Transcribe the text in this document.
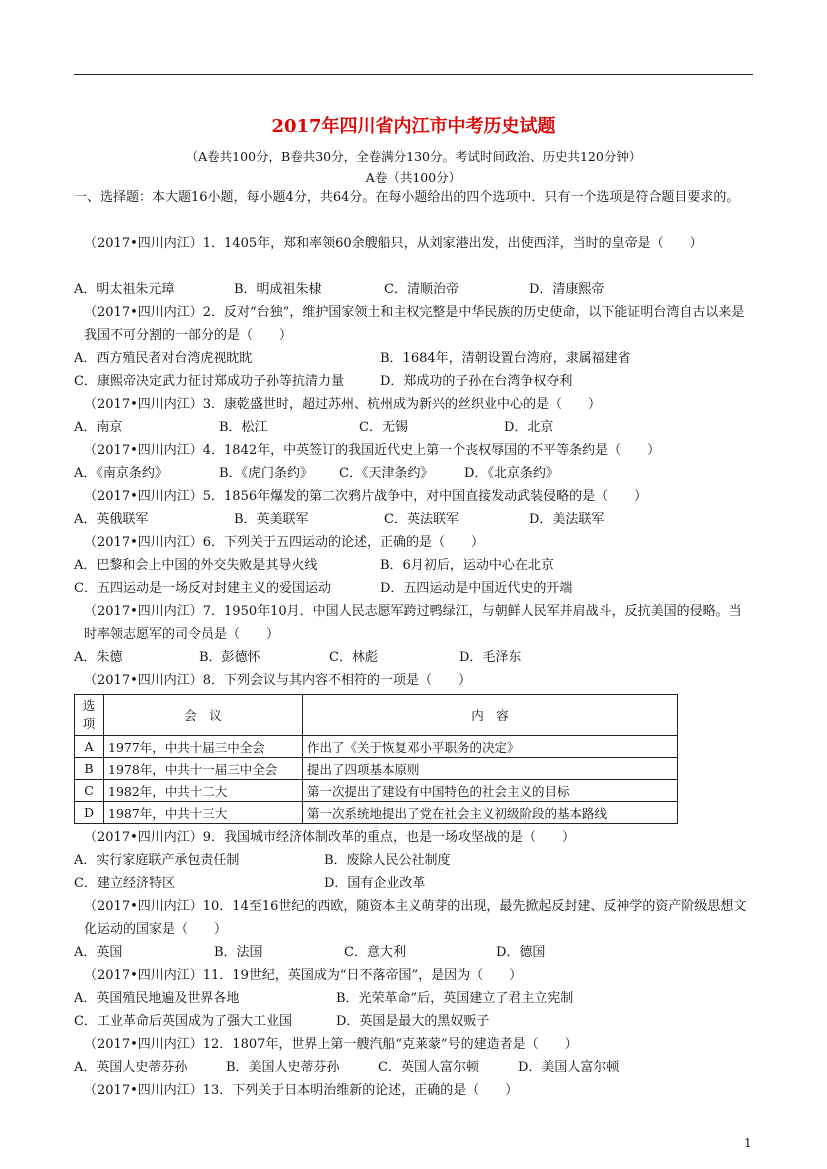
2017年四川省内江市中考历史试题
（A卷共100分，B卷共30分，全卷满分130分。考试时间政治、历史共120分钟）
A卷（共100分）
一、选择题：本大题16小题，每小题4分，共64分。在每小题给出的四个选项中．只有一个选项是符合题目要求的。
（2017•四川内江）1．1405年，郑和率领60余艘船只，从刘家港出发，出使西洋，当时的皇帝是（　　）
A．明太祖朱元璋	B．明成祖朱棣	C．清顺治帝	D．清康熙帝
（2017•四川内江）2．反对“台独”，维护国家领土和主权完整是中华民族的历史使命，以下能证明台湾自古以来是我国不可分割的一部分的是（　　）
A．西方殖民者对台湾虎视眈眈	B．1684年，清朝设置台湾府，隶属福建省
C．康熙帝决定武力征讨郑成功子孙等抗清力量	D．郑成功的子孙在台湾争权夺利
（2017•四川内江）3．康乾盛世时，超过苏州、杭州成为新兴的丝织业中心的是（　　）
A．南京	B．松江	C．无锡	D．北京
（2017•四川内江）4．1842年，中英签订的我国近代史上第一个丧权辱国的不平等条约是（　　）
A．《南京条约》	B．《虎门条约》 C．《天津条约》 D．《北京条约》
（2017•四川内江）5．1856年爆发的第二次鸦片战争中，对中国直接发动武装侵略的是（　　）
A．英俄联军	B．英美联军	C．英法联军	D．美法联军
（2017•四川内江）6．下列关于五四运动的论述，正确的是（　　）
A．巴黎和会上中国的外交失败是其导火线	B．6月初后，运动中心在北京
C．五四运动是一场反对封建主义的爱国运动	D．五四运动是中国近代史的开端
（2017•四川内江）7．1950年10月．中国人民志愿军跨过鸭绿江，与朝鲜人民军并肩战斗，反抗美国的侵略。当时率领志愿军的司令员是（　　）
A．朱德	B．彭德怀	C．林彪	D．毛泽东
（2017•四川内江）8．下列会议与其内容不相符的一项是（　　）
选项	会　议	内　容
A	1977年，中共十届三中全会	作出了《关于恢复邓小平职务的决定》
B	1978年，中共十一届三中全会	提出了四项基本原则
C	1982年，中共十二大	第一次提出了建设有中国特色的社会主义的目标
D	1987年，中共十三大	第一次系统地提出了党在社会主义初级阶段的基本路线
（2017•四川内江）9．我国城市经济体制改革的重点，也是一场攻坚战的是（　　）
A．实行家庭联产承包责任制	B．废除人民公社制度
C．建立经济特区	D．国有企业改革
（2017•四川内江）10．14至16世纪的西欧，随资本主义萌芽的出现，最先掀起反封建、反神学的资产阶级思想文化运动的国家是（　　）
A．英国	B．法国	C．意大利	D．德国
（2017•四川内江）11．19世纪，英国成为“日不落帝国”，是因为（　　）
A．英国殖民地遍及世界各地	B．光荣革命”后，英国建立了君主立宪制
C．工业革命后英国成为了强大工业国	D．英国是最大的黑奴贩子
（2017•四川内江）12．1807年，世界上第一艘汽船“克莱蒙”号的建造者是（　　）
A．英国人史蒂芬孙	B．美国人史蒂芬孙	C．英国人富尔顿	D．美国人富尔顿
（2017•四川内江）13．下列关于日本明治维新的论述，正确的是（　　）
1
